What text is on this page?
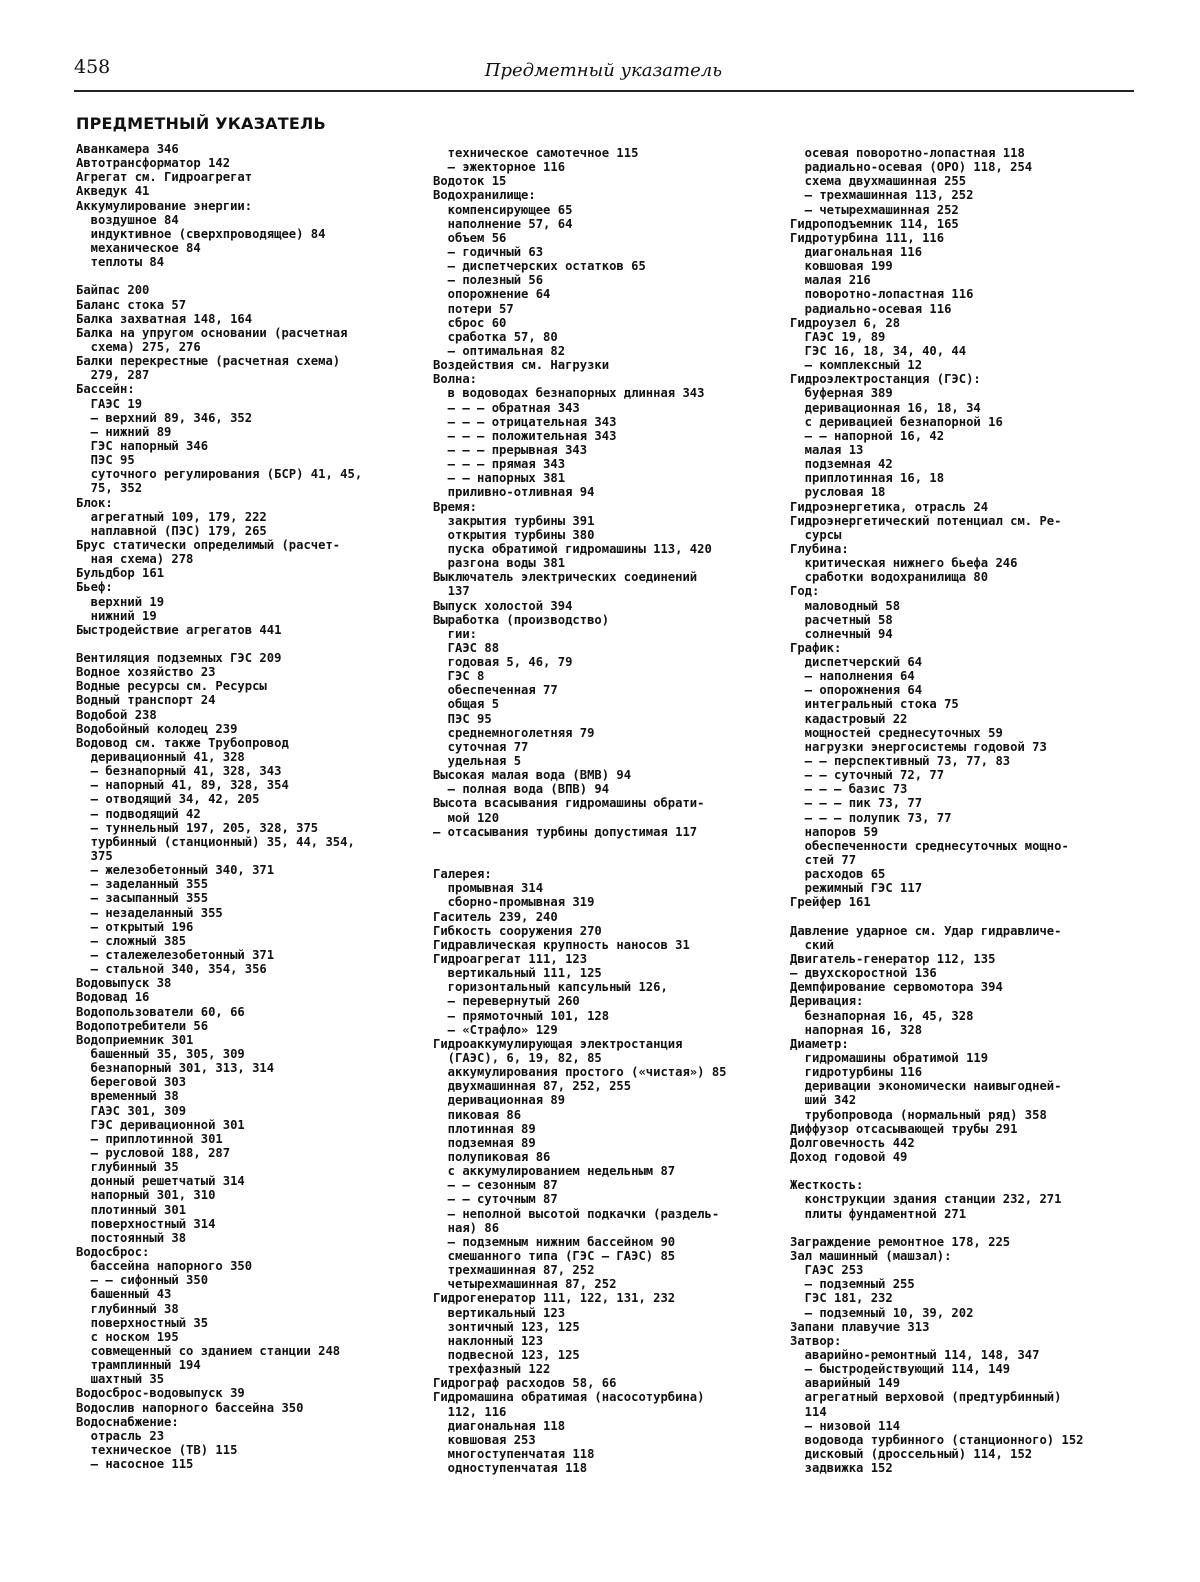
458	Предметный указатель
ПРЕДМЕТНЫЙ УКАЗАТЕЛЬ
Аванкамера 346
Автотрансформатор 142
Агрегат см. Гидроагрегат
Акведук 41
Аккумулирование энергии:
воздушное 84
индуктивное (сверхпроводящее) 84
механическое 84
теплоты 84
Байпас 200
Баланс стока 57
Балка захватная 148, 164
Балка на упругом основании (расчетная
схема) 275, 276
Балки перекрестные (расчетная схема)
279, 287
Бассейн:
ГАЭС 19
— верхний 89, 346, 352
— нижний 89
ГЭС напорный 346
ПЭС 95
суточного регулирования (БСР) 41, 45,
75, 352
Блок:
агрегатный 109, 179, 222
наплавной (ПЭС) 179, 265
Брус статически определимый (расчет-
ная схема) 278
Бульдбор 161
Бьеф:
верхний 19
нижний 19
Быстродействие агрегатов 441
Вентиляция подземных ГЭС 209
Водное хозяйство 23
Водные ресурсы см. Ресурсы
Водный транспорт 24
Водобой 238
Водобойный колодец 239
Водовод см. также Трубопровод
деривационный 41, 328
— безнапорный 41, 328, 343
— напорный 41, 89, 328, 354
— отводящий 34, 42, 205
— подводящий 42
— туннельный 197, 205, 328, 375
турбинный (станционный) 35, 44, 354,
375
— железобетонный 340, 371
— заделанный 355
— засыпанный 355
— незаделанный 355
— открытый 196
— сложный 385
— сталежелезобетонный 371
— стальной 340, 354, 356
Водовыпуск 38
Водовад 16
Водопользователи 60, 66
Водопотребители 56
Водоприемник 301
башенный 35, 305, 309
безнапорный 301, 313, 314
береговой 303
временный 38
ГАЭС 301, 309
ГЭС деривационной 301
— приплотинной 301
— русловой 188, 287
глубинный 35
донный решетчатый 314
напорный 301, 310
плотинный 301
поверхностный 314
постоянный 38
Водосброс:
бассейна напорного 350
— — сифонный 350
башенный 43
глубинный 38
поверхностный 35
с носком 195
совмещенный со зданием станции 248
трамплинный 194
шахтный 35
Водосброс-водовыпуск 39
Водослив напорного бассейна 350
Водоснабжение:
отрасль 23
техническое (ТВ) 115
— насосное 115
техническое самотечное 115
— эжекторное 116
Водоток 15
Водохранилище:
компенсирующее 65
наполнение 57, 64
объем 56
— годичный 63
— диспетчерских остатков 65
— полезный 56
опорожнение 64
потери 57
сброс 60
сработка 57, 80
— оптимальная 82
Воздействия см. Нагрузки
Волна:
в водоводах безнапорных длинная 343
— — — обратная 343
— — — отрицательная 343
— — — положительная 343
— — — прерывная 343
— — — прямая 343
— — напорных 381
приливно-отливная 94
Время:
закрытия турбины 391
открытия турбины 380
пуска обратимой гидромашины 113, 420
разгона воды 381
Выключатель электрических соединений
137
Выпуск холостой 394
Выработка (производство)
гии:
ГАЭС 88
годовая 5, 46, 79
ГЭС 8
обеспеченная 77
общая 5
ПЭС 95
среднемноголетняя 79
суточная 77
удельная 5
Высокая малая вода (ВМВ) 94
— полная вода (ВПВ) 94
Высота всасывания гидромашины обрати-
мой 120
— отсасывания турбины допустимая 117
Галерея:
промывная 314
сборно-промывная 319
Гаситель 239, 240
Гибкость сооружения 270
Гидравлическая крупность наносов 31
Гидроагрегат 111, 123
вертикальный 111, 125
горизонтальный капсульный 126,
— перевернутый 260
— прямоточный 101, 128
— «Страфло» 129
Гидроаккумулирующая электростанция
(ГАЭС), 6, 19, 82, 85
аккумулирования простого («чистая») 85
двухмашинная 87, 252, 255
деривационная 89
пиковая 86
плотинная 89
подземная 89
полупиковая 86
с аккумулированием недельным 87
— — сезонным 87
— — суточным 87
— неполной высотой подкачки (раздель-
ная) 86
— подземным нижним бассейном 90
смешанного типа (ГЭС — ГАЭС) 85
трехмашинная 87, 252
четырехмашинная 87, 252
Гидрогенератор 111, 122, 131, 232
вертикальный 123
зонтичный 123, 125
наклонный 123
подвесной 123, 125
трехфазный 122
Гидрограф расходов 58, 66
Гидромашина обратимая (насосотурбина)
112, 116
диагональная 118
ковшовая 253
многоступенчатая 118
одноступенчатая 118
осевая поворотно-лопастная 118
радиально-осевая (ОРО) 118, 254
схема двухмашинная 255
— трехмашинная 113, 252
— четырехмашинная 252
Гидроподъемник 114, 165
Гидротурбина 111, 116
диагональная 116
ковшовая 199
малая 216
поворотно-лопастная 116
радиально-осевая 116
Гидроузел 6, 28
ГАЭС 19, 89
ГЭС 16, 18, 34, 40, 44
— комплексный 12
Гидроэлектростанция (ГЭС):
буферная 389
деривационная 16, 18, 34
с деривацией безнапорной 16
— — напорной 16, 42
малая 13
подземная 42
приплотинная 16, 18
русловая 18
Гидроэнергетика, отрасль 24
Гидроэнергетический потенциал см. Ре-
сурсы
Глубина:
критическая нижнего бьефа 246
сработки водохранилища 80
Год:
маловодный 58
расчетный 58
солнечный 94
График:
диспетчерский 64
— наполнения 64
— опорожнения 64
интегральный стока 75
кадастровый 22
мощностей среднесуточных 59
нагрузки энергосистемы годовой 73
— — перспективный 73, 77, 83
— — суточный 72, 77
— — — базис 73
— — — пик 73, 77
— — — полупик 73, 77
напоров 59
обеспеченности среднесуточных мощно-
стей 77
расходов 65
режимный ГЭС 117
Грейфер 161
Давление ударное см. Удар гидравличе-
ский
Двигатель-генератор 112, 135
— двухскоростной 136
Демпфирование сервомотора 394
Деривация:
безнапорная 16, 45, 328
напорная 16, 328
Диаметр:
гидромашины обратимой 119
гидротурбины 116
деривации экономически наивыгодней-
ший 342
трубопровода (нормальный ряд) 358
Диффузор отсасывающей трубы 291
Долговечность 442
Доход годовой 49
Жесткость:
конструкции здания станции 232, 271
плиты фундаментной 271
Заграждение ремонтное 178, 225
Зал машинный (машзал):
ГАЭС 253
— подземный 255
ГЭС 181, 232
— подземный 10, 39, 202
Запани плавучие 313
Затвор:
аварийно-ремонтный 114, 148, 347
— быстродействующий 114, 149
аварийный 149
агрегатный верховой (предтурбинный)
114
— низовой 114
водовода турбинного (станционного) 152
дисковый (дроссельный) 114, 152
задвижка 152
